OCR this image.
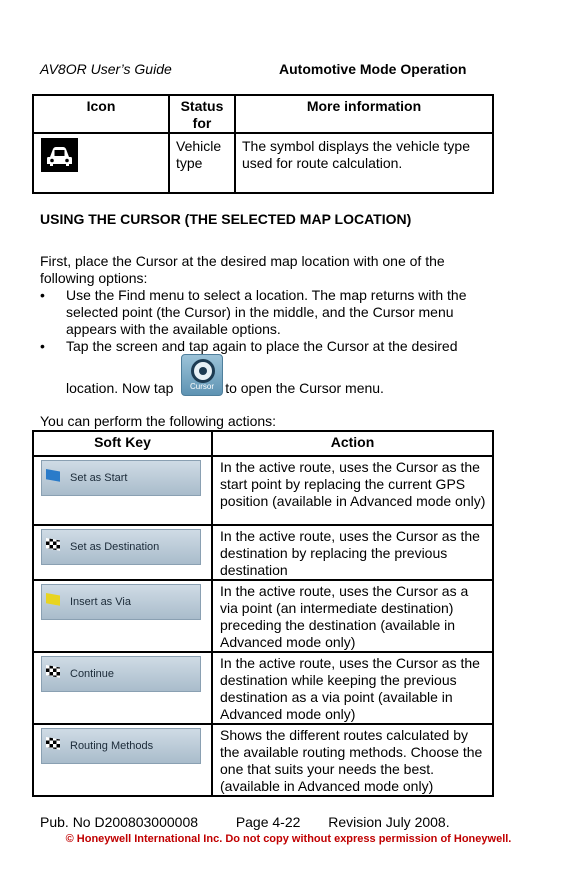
AV8OR User’s Guide	Automotive Mode Operation
Icon	Status for	More information

	Vehicle type	The symbol displays the vehicle type used for route calculation.
USING THE CURSOR (THE SELECTED MAP LOCATION)
First, place the Cursor at the desired map location with one of the following options:
• Use the Find menu to select a location. The map returns with the selected point (the Cursor) in the middle, and the Cursor menu appears with the available options.
• Tap the screen and tap again to place the Cursor at the desired
location. Now tap	to open the Cursor menu.
Cursor
You can perform the following actions:
Soft Key	Action

Set as Start	In the active route, uses the Cursor as the start point by replacing the current GPS position (available in Advanced mode only)

Set as Destination	In the active route, uses the Cursor as the destination by replacing the previous destination

Insert as Via	In the active route, uses the Cursor as a via point (an intermediate destination) preceding the destination (available in Advanced mode only)

Continue	In the active route, uses the Cursor as the destination while keeping the previous destination as a via point (available in Advanced mode only)

Routing Methods	Shows the different routes calculated by the available routing methods. Choose the one that suits your needs the best.(available in Advanced mode only)
Pub. No D200803000008	Page 4-22 Revision July 2008.
© Honeywell International Inc. Do not copy without express permission of Honeywell.
